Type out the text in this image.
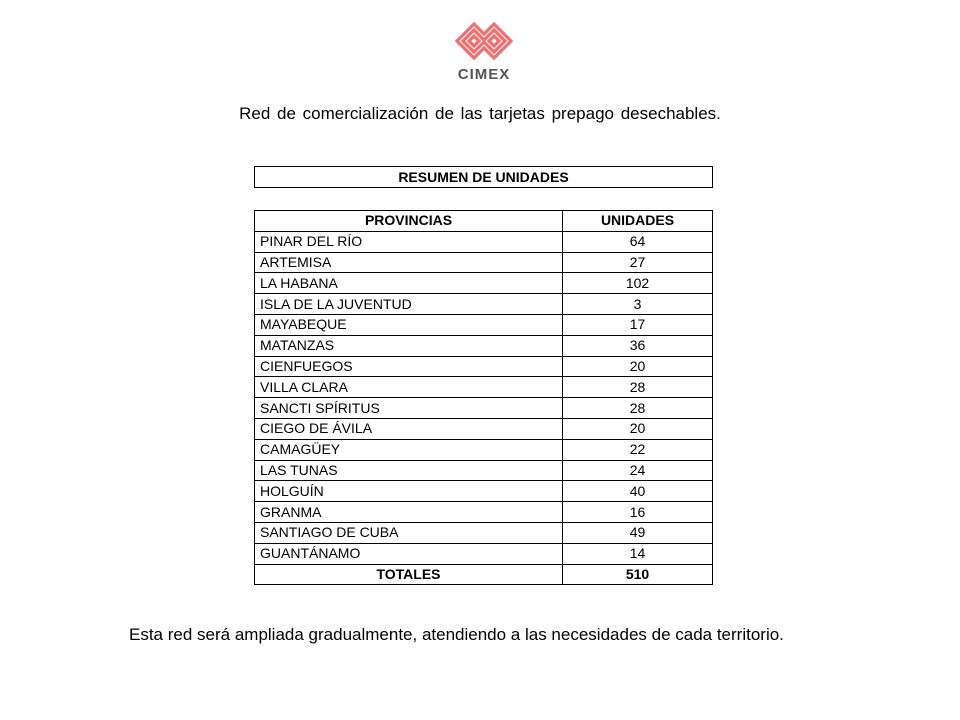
CIMEX
Red de comercialización de las tarjetas prepago desechables.
RESUMEN DE UNIDADES
PROVINCIAS	UNIDADES
PINAR DEL RÍO	64
ARTEMISA	27
LA HABANA	102
ISLA DE LA JUVENTUD	3
MAYABEQUE	17
MATANZAS	36
CIENFUEGOS	20
VILLA CLARA	28
SANCTI SPÍRITUS	28
CIEGO DE ÁVILA	20
CAMAGÜEY	22
LAS TUNAS	24
HOLGUÍN	40
GRANMA	16
SANTIAGO DE CUBA	49
GUANTÁNAMO	14
TOTALES	510
Esta red será ampliada gradualmente, atendiendo a las necesidades de cada territorio.
